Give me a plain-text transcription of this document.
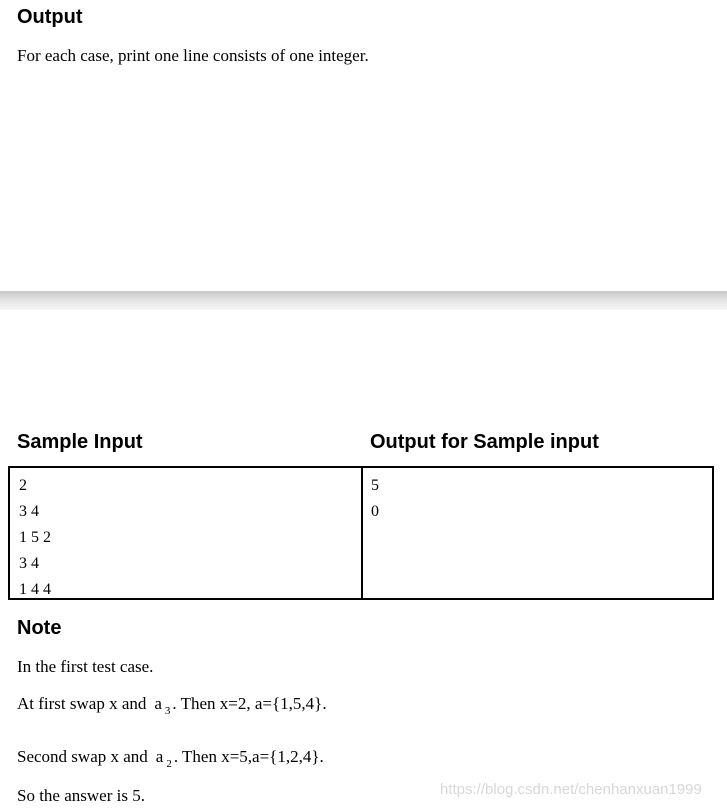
Output

For each case, print one line consists of one integer.

Sample Input	Output for Sample input
2
3 4
1 5 2
3 4
1 4 4
5
0
Note

In the first test case.

At first swap x and a $_3$ . Then x=2, a={1,5,4}.

Second swap x and a $_2$ . Then x=5,a={1,2,4}.

So the answer is 5.	https://blog.csdn.net/chenhanxuan1999
